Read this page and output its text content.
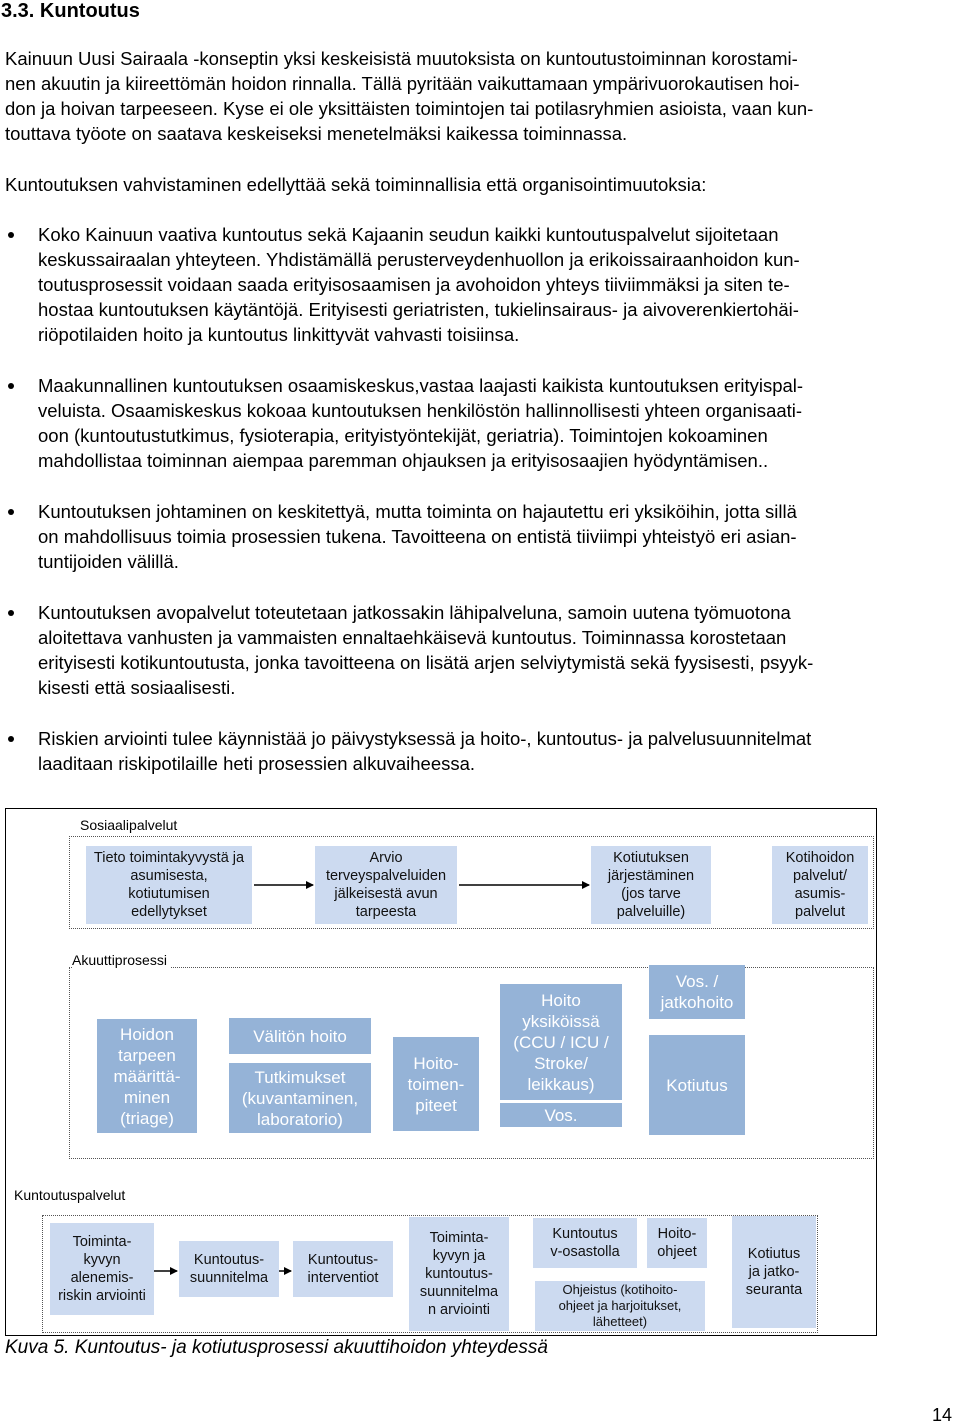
3.3. Kuntoutus
Kainuun Uusi Sairaala -konseptin yksi keskeisistä muutoksista on kuntoutustoiminnan korostami-
nen akuutin ja kiireettömän hoidon rinnalla. Tällä pyritään vaikuttamaan ympärivuorokautisen hoi-
don ja hoivan tarpeeseen. Kyse ei ole yksittäisten toimintojen tai potilasryhmien asioista, vaan kun-
touttava työote on saatava keskeiseksi menetelmäksi kaikessa toiminnassa.
Kuntoutuksen vahvistaminen edellyttää sekä toiminnallisia että organisointimuutoksia:
Koko Kainuun vaativa kuntoutus sekä Kajaanin seudun kaikki kuntoutuspalvelut sijoitetaan
keskussairaalan yhteyteen. Yhdistämällä perusterveydenhuollon ja erikoissairaanhoidon kun-
toutusprosessit voidaan saada erityisosaamisen ja avohoidon yhteys tiiviimmäksi ja siten te-
hostaa kuntoutuksen käytäntöjä. Erityisesti geriatristen, tukielinsairaus- ja aivoverenkiertohäi-
riöpotilaiden hoito ja kuntoutus linkittyvät vahvasti toisiinsa.
Maakunnallinen kuntoutuksen osaamiskeskus,vastaa laajasti kaikista kuntoutuksen erityispal-
veluista. Osaamiskeskus kokoaa kuntoutuksen henkilöstön hallinnollisesti yhteen organisaati-
oon (kuntoutustutkimus, fysioterapia, erityistyöntekijät, geriatria). Toimintojen kokoaminen
mahdollistaa toiminnan aiempaa paremman ohjauksen ja erityisosaajien hyödyntämisen..
Kuntoutuksen johtaminen on keskitettyä, mutta toiminta on hajautettu eri yksiköihin, jotta sillä
on mahdollisuus toimia prosessien tukena. Tavoitteena on entistä tiiviimpi yhteistyö eri asian-
tuntijoiden välillä.
Kuntoutuksen avopalvelut toteutetaan jatkossakin lähipalveluna, samoin uutena työmuotona
aloitettava vanhusten ja vammaisten ennaltaehkäisevä kuntoutus. Toiminnassa korostetaan
erityisesti kotikuntoutusta, jonka tavoitteena on lisätä arjen selviytymistä sekä fyysisesti, psyyk-
kisesti että sosiaalisesti.
Riskien arviointi tulee käynnistää jo päivystyksessä ja hoito-, kuntoutus- ja palvelusuunnitelmat
laaditaan riskipotilaille heti prosessien alkuvaiheessa.
Sosiaalipalvelut
Tieto toimintakyvystä ja
asumisesta,
kotiutumisen
edellytykset
Arvio
terveyspalveluiden
jälkeisestä avun
tarpeesta
Kotiutuksen
järjestäminen
(jos tarve
palveluille)
Kotihoidon
palvelut/
asumis-
palvelut
Akuuttiprosessi
Hoidon
tarpeen
määrittä-
minen
(triage)
Välitön hoito
Tutkimukset
(kuvantaminen,
laboratorio)
Hoito-
toimen-
piteet
Hoito
yksiköissä
(CCU / ICU /
Stroke/
leikkaus)
Vos.
Vos. /
jatkohoito
Kotiutus
Kuntoutuspalvelut
Toiminta-
kyvyn
alenemis-
riskin arviointi
Kuntoutus-
suunnitelma
Kuntoutus-
interventiot
Toiminta-
kyvyn ja
kuntoutus-
suunnitelma
n arviointi
Kuntoutus
v-osastolla
Hoito-
ohjeet
Ohjeistus (kotihoito-
ohjeet ja harjoitukset,
lähetteet)
Kotiutus
ja jatko-
seuranta
Kuva 5. Kuntoutus- ja kotiutusprosessi akuuttihoidon yhteydessä
14
